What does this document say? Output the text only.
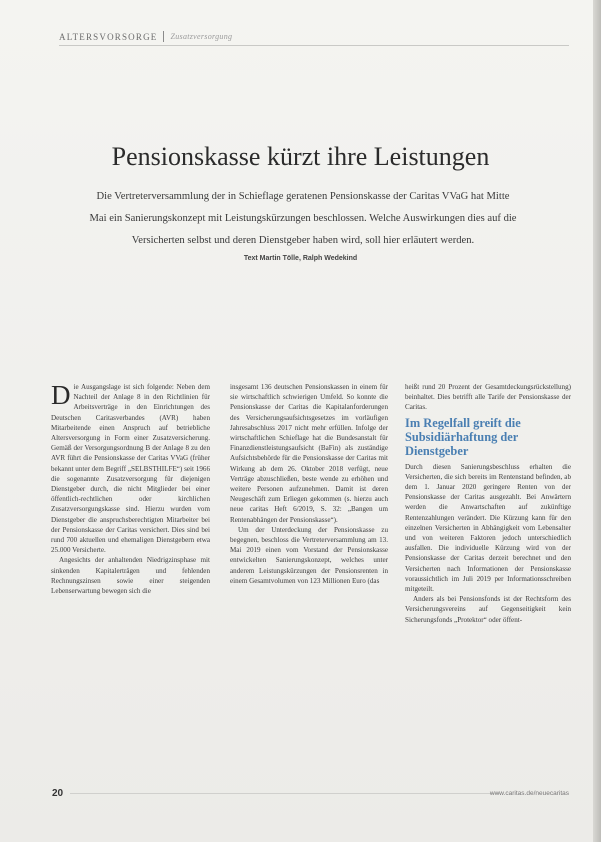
ALTERSVORSORGE Zusatzversorgung
Pensionskasse kürzt ihre Leistungen

Die Vertreterversammlung der in Schieflage geratenen Pensionskasse der Caritas VVaG hat Mitte Mai ein Sanierungskonzept mit Leistungskürzungen beschlossen. Welche Auswirkungen dies auf die Versicherten selbst und deren Dienstgeber haben wird, soll hier erläutert werden.

Text Martin Tölle, Ralph Wedekind

D ie Ausgangslage ist sich folgende: Neben dem Nachteil der Anlage 8 in den Richtlinien für Arbeitsverträge in den Einrichtungen des Deutschen Caritasverbandes (AVR) haben Mitarbeitende einen Anspruch auf betriebliche Altersversorgung in Form einer Zusatzversicherung. Gemäß der Versorgungsordnung B der Anlage 8 zu den AVR führt die Pensionskasse der Caritas VVaG (früher bekannt unter dem Begriff „SELBSTHILFE“) seit 1966 die sogenannte Zusatzversorgung für diejenigen Dienstgeber durch, die nicht Mitglieder bei einer öffentlich-rechtlichen oder kirchlichen Zusatzversorgungskasse sind. Hierzu wurden vom Dienstgeber die anspruchsberechtigten Mitarbeiter bei der Pensionskasse der Caritas versichert. Dies sind bei rund 700 aktuellen und ehemaligen Dienstgebern etwa 25.000 Versicherte.

Angesichts der anhaltenden Niedrigzinsphase mit sinkenden Kapitalerträgen und fehlenden Rechnungszinsen sowie einer steigenden Lebenserwartung bewegen sich die

insgesamt 136 deutschen Pensionskassen in einem für sie wirtschaftlich schwierigen Umfeld. So konnte die Pensionskasse der Caritas die Kapitalanforderungen des Versicherungsaufsichtsgesetzes im vorläufigen Jahresabschluss 2017 nicht mehr erfüllen. Infolge der wirtschaftlichen Schieflage hat die Bundesanstalt für Finanzdienstleistungsaufsicht (BaFin) als zuständige Aufsichtsbehörde für die Pensionskasse der Caritas mit Wirkung ab dem 26. Oktober 2018 verfügt, neue Verträge abzuschließen, beste wende zu erhöhen und weitere Personen aufzunehmen. Damit ist deren Neugeschäft zum Erliegen gekommen (s. hierzu auch neue caritas Heft 6/2019, S. 32: „Bangen um Rentenabhängen der Pensionskasse“).

Um der Unterdeckung der Pensionskasse zu begegnen, beschloss die Vertreterversammlung am 13. Mai 2019 einen vom Vorstand der Pensionskasse entwickelten Sanierungskonzept, welches unter anderem Leistungskürzungen der Pensionsrenten in einem Gesamtvolumen von 123 Millionen Euro (das

heißt rund 20 Prozent der Gesamtdeckungsrückstellung) beinhaltet. Dies betrifft alle Tarife der Pensionskasse der Caritas.

Im Regelfall greift die Subsidiärhaftung der Dienstgeber

Durch diesen Sanierungsbeschluss erhalten die Versicherten, die sich bereits im Rentenstand befinden, ab dem 1. Januar 2020 geringere Renten von der Pensionskasse der Caritas ausgezahlt. Bei Anwärtern werden die Anwartschaften auf zukünftige Rentenzahlungen verändert. Die Kürzung kann für den einzelnen Versicherten in Abhängigkeit vom Lebensalter und von weiteren Faktoren jedoch unterschiedlich ausfallen. Die individuelle Kürzung wird von der Pensionskasse der Caritas derzeit berechnet und den Versicherten nach Informationen der Pensionskasse voraussichtlich im Juli 2019 per Informationsschreiben mitgeteilt.

Anders als bei Pensionsfonds ist der Rechtsform des Versicherungsvereins auf Gegenseitigkeit kein Sicherungsfonds „Protektor“ oder öffent-

20	www.caritas.de/neuecaritas
